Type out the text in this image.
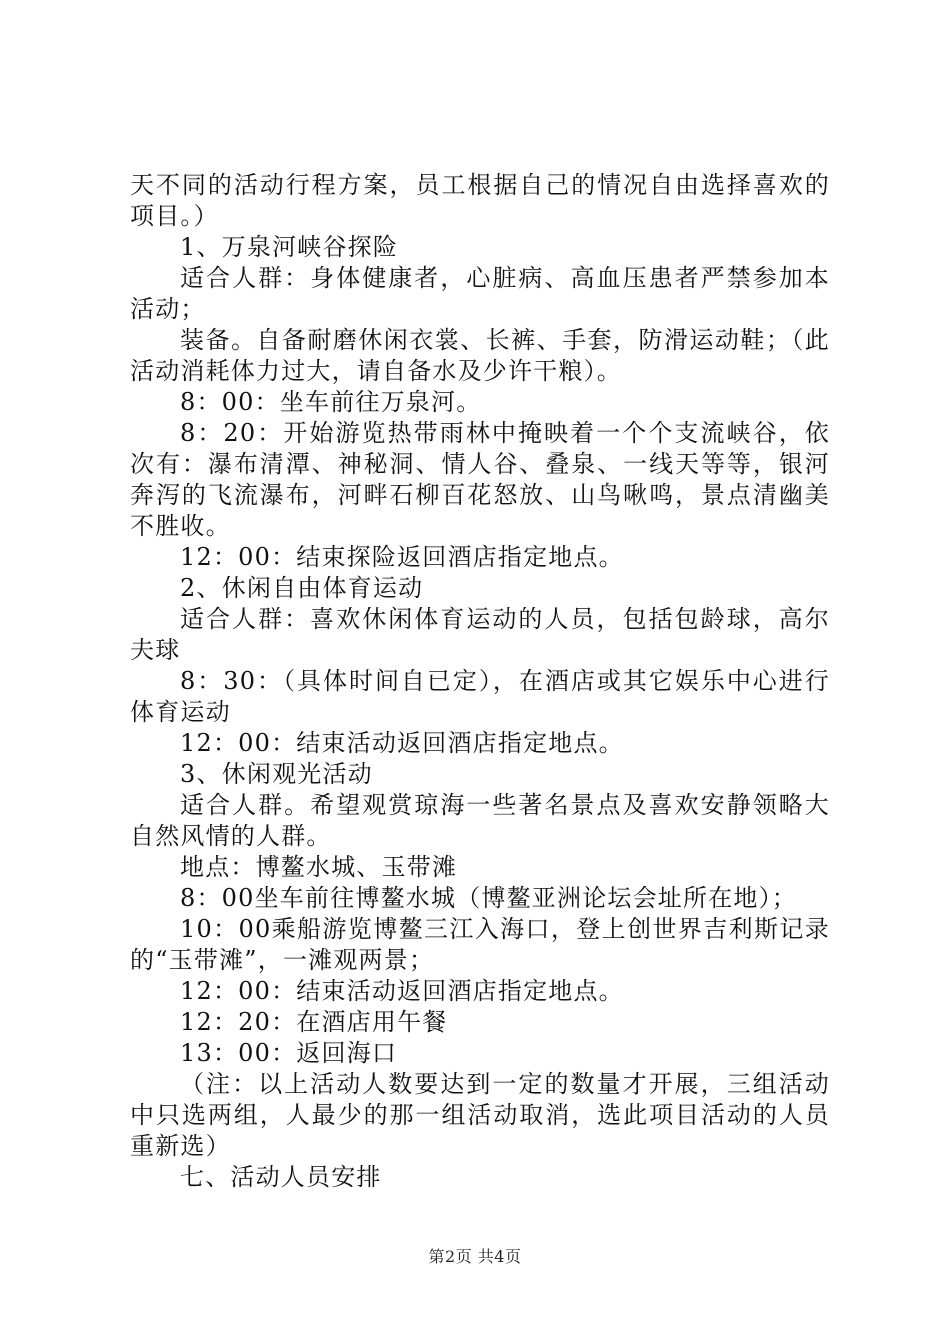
天不同的活动行程方案，员工根据自己的情况自由选择喜欢的项目。）

1、万泉河峡谷探险

适合人群：身体健康者，心脏病、高血压患者严禁参加本活动；

装备。自备耐磨休闲衣裳、长裤、手套，防滑运动鞋；（此活动消耗体力过大，请自备水及少许干粮）。

8：00：坐车前往万泉河。

8：20：开始游览热带雨林中掩映着一个个支流峡谷，依次有：瀑布清潭、神秘洞、情人谷、叠泉、一线天等等，银河奔泻的飞流瀑布，河畔石柳百花怒放、山鸟啾鸣，景点清幽美不胜收。

12：00：结束探险返回酒店指定地点。

2、休闲自由体育运动

适合人群：喜欢休闲体育运动的人员，包括包龄球，高尔夫球

8：30：（具体时间自已定），在酒店或其它娱乐中心进行体育运动

12：00：结束活动返回酒店指定地点。

3、休闲观光活动

适合人群。希望观赏琼海一些著名景点及喜欢安静领略大自然风情的人群。

地点：博鳌水城、玉带滩

8：00坐车前往博鳌水城（博鳌亚洲论坛会址所在地）；

10：00乘船游览博鳌三江入海口，登上创世界吉利斯记录的“玉带滩”，一滩观两景；

12：00：结束活动返回酒店指定地点。

12：20：在酒店用午餐

13：00：返回海口

（注：以上活动人数要达到一定的数量才开展，三组活动中只选两组，人最少的那一组活动取消，选此项目活动的人员重新选）

七、活动人员安排

第2页 共4页
